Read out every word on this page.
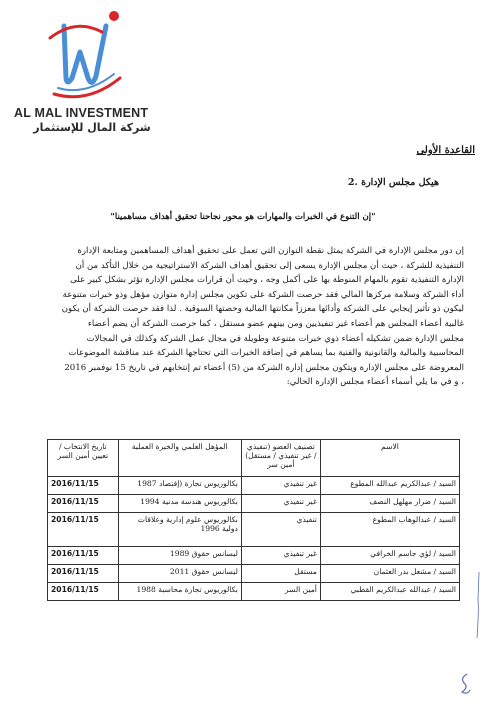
AL MAL INVESTMENT
شركة المال للإستثمار
القاعدة الأولى
هيكل مجلس الإدارة .2
"إن التنوع في الخبرات والمهارات هو محور نجاحنا تحقيق أهداف مساهمينا"
إن دور مجلس الإدارة في الشركة يمثل نقطة التوازن التي تعمل على تحقيق أهداف المساهمين ومتابعة الإدارة
التنفيذية للشركة ، حيث أن مجلس الإدارة يسعى إلى تحقيق أهداف الشركة الاستراتيجية من خلال التأكد من أن
الإدارة التنفيذية تقوم بالمهام المنوطة بها على أكمل وجه ، وحيث أن قرارات مجلس الإدارة تؤثر بشكل كبير على
أداء الشركة وسلامة مركزها المالي فقد حرصت الشركة على تكوين مجلس إدارة متوازن مؤهل وذو خبرات متنوعة
ليكون ذو تأثير إيجابي على الشركة وأدائها معززاً مكانتها المالية وحصتها السوقية . لذا فقد حرصت الشركة أن يكون
غالبية أعضاء المجلس هم أعضاء غير تنفيذيين ومن بينهم عضو مستقل ، كما حرصت الشركة أن يضم أعضاء
مجلس الإدارة ضمن تشكيله أعضاء ذوي خبرات متنوعة وطويلة في مجال عمل الشركة وكذلك في المجالات
المحاسبية والمالية والقانونية والفنية بما يساهم في إضافة الخبرات التي تحتاجها الشركة عند مناقشة الموضوعات
المعروضة على مجلس الإدارة ويتكون مجلس إدارة الشركة من (5) أعضاء تم إنتخابهم في تاريخ 15 نوفمبر 2016
، و في ما يلي أسماء أعضاء مجلس الإدارة الحالي:
الاسم	تصنيف العضو (تنفيذي / غير تنفيذي / مستقل) أمين سر	المؤهل العلمي والخبرة العملية	تاريخ الانتخاب / تعيين أمين السر
السيد / عبدالكريم عبدالله المطوع	غير تنفيذي	بكالوريوس تجارة (إقتصاد 1987	2016/11/15
السيد / ضرار مهلهل النصف	غير تنفيذي	بكالوريوس هندسة مدنية 1994	2016/11/15
السيد / عبدالوهاب المطوع	تنفيذي	بكالوريوس علوم إدارية وعلاقات دولية 1996	2016/11/15
السيد / لؤي جاسم الخرافي	غير تنفيذي	ليسانس حقوق 1989	2016/11/15
السيد / مشعل بدر العثمان	مستقل	ليسانس حقوق 2011	2016/11/15
السيد / عبدالله عبدالكريم القطبي	أمين السر	بكالوريوس تجارة محاسبة 1988	2016/11/15
